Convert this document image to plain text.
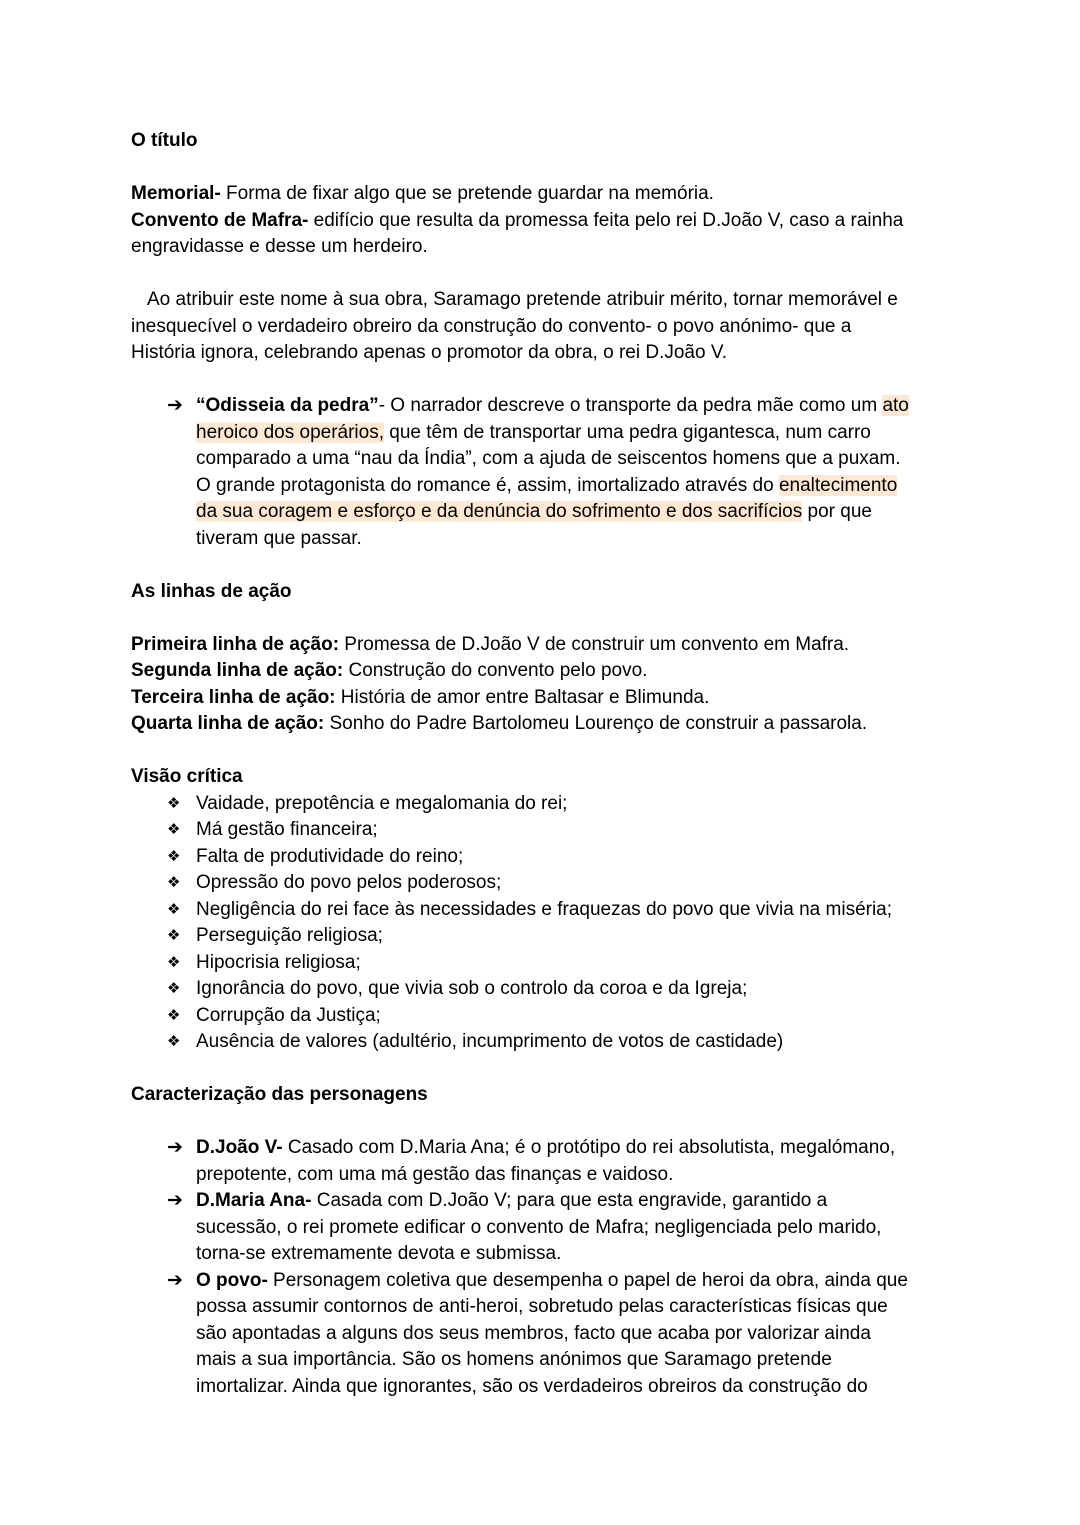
O título
Memorial- Forma de fixar algo que se pretende guardar na memória.
Convento de Mafra- edifício que resulta da promessa feita pelo rei D.João V, caso a rainha
engravidasse e desse um herdeiro.
Ao atribuir este nome à sua obra, Saramago pretende atribuir mérito, tornar memorável e
inesquecível o verdadeiro obreiro da construção do convento- o povo anónimo- que a
História ignora, celebrando apenas o promotor da obra, o rei D.João V.
➔ “Odisseia da pedra”- O narrador descreve o transporte da pedra mãe como um ato
heroico dos operários, que têm de transportar uma pedra gigantesca, num carro
comparado a uma “nau da Índia”, com a ajuda de seiscentos homens que a puxam.
O grande protagonista do romance é, assim, imortalizado através do enaltecimento
da sua coragem e esforço e da denúncia do sofrimento e dos sacrifícios por que
tiveram que passar.
As linhas de ação
Primeira linha de ação: Promessa de D.João V de construir um convento em Mafra.
Segunda linha de ação: Construção do convento pelo povo.
Terceira linha de ação: História de amor entre Baltasar e Blimunda.
Quarta linha de ação: Sonho do Padre Bartolomeu Lourenço de construir a passarola.
Visão crítica
❖ Vaidade, prepotência e megalomania do rei;
❖ Má gestão financeira;
❖ Falta de produtividade do reino;
❖ Opressão do povo pelos poderosos;
❖ Negligência do rei face às necessidades e fraquezas do povo que vivia na miséria;
❖ Perseguição religiosa;
❖ Hipocrisia religiosa;
❖ Ignorância do povo, que vivia sob o controlo da coroa e da Igreja;
❖ Corrupção da Justiça;
❖ Ausência de valores (adultério, incumprimento de votos de castidade)
Caracterização das personagens
➔ D.João V- Casado com D.Maria Ana; é o protótipo do rei absolutista, megalómano,
prepotente, com uma má gestão das finanças e vaidoso.
➔ D.Maria Ana- Casada com D.João V; para que esta engravide, garantido a
sucessão, o rei promete edificar o convento de Mafra; negligenciada pelo marido,
torna-se extremamente devota e submissa.
➔ O povo- Personagem coletiva que desempenha o papel de heroi da obra, ainda que
possa assumir contornos de anti-heroi, sobretudo pelas características físicas que
são apontadas a alguns dos seus membros, facto que acaba por valorizar ainda
mais a sua importância. São os homens anónimos que Saramago pretende
imortalizar. Ainda que ignorantes, são os verdadeiros obreiros da construção do
